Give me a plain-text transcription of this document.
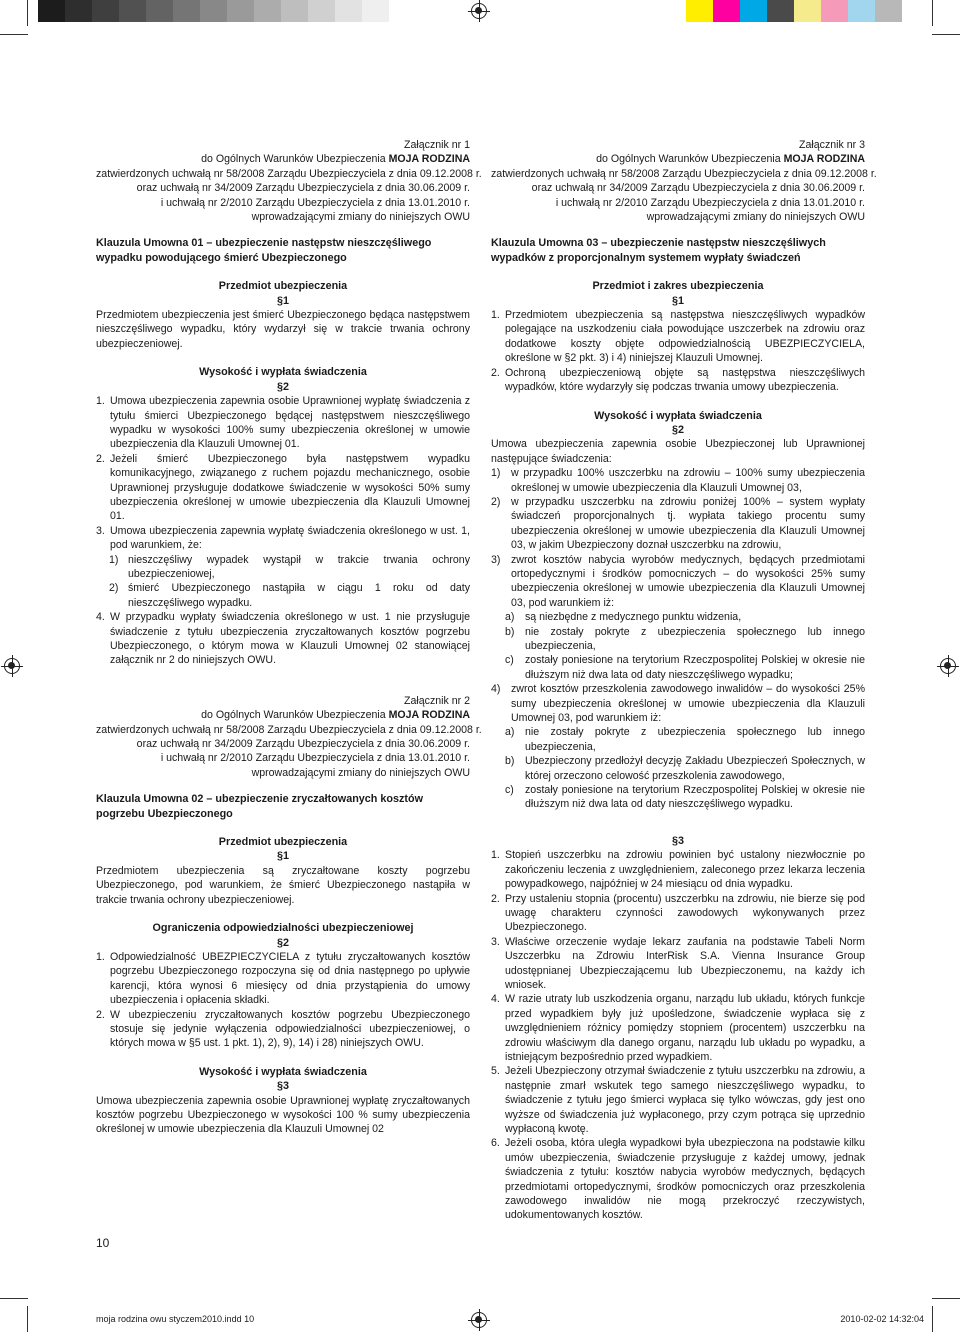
Załącznik nr 1
do Ogólnych Warunków Ubezpieczenia MOJA RODZINA
zatwierdzonych uchwałą nr 58/2008 Zarządu Ubezpieczyciela z dnia 09.12.2008 r.
oraz uchwałą nr 34/2009 Zarządu Ubezpieczyciela z dnia 30.06.2009 r.
i uchwałą nr 2/2010 Zarządu Ubezpieczyciela z dnia 13.01.2010 r.
wprowadzającymi zmiany do niniejszych OWU
Klauzula Umowna 01 – ubezpieczenie następstw nieszczęśliwego wypadku powodującego śmierć Ubezpieczonego
Przedmiot ubezpieczenia
§1
Przedmiotem ubezpieczenia jest śmierć Ubezpieczonego będąca następstwem nieszczęśliwego wypadku, który wydarzył się w trakcie trwania ochrony ubezpieczeniowej.
Wysokość i wypłata świadczenia
§2
1. Umowa ubezpieczenia zapewnia osobie Uprawnionej wypłatę świadczenia z tytułu śmierci Ubezpieczonego będącej następstwem nieszczęśliwego wypadku w wysokości 100% sumy ubezpieczenia określonej w umowie ubezpieczenia dla Klauzuli Umownej 01.
2. Jeżeli śmierć Ubezpieczonego była następstwem wypadku komunikacyjnego, związanego z ruchem pojazdu mechanicznego, osobie Uprawnionej przysługuje dodatkowe świadczenie w wysokości 50% sumy ubezpieczenia określonej w umowie ubezpieczenia dla Klauzuli Umownej 01.
3. Umowa ubezpieczenia zapewnia wypłatę świadczenia określonego w ust. 1, pod warunkiem, że:
1) nieszczęśliwy wypadek wystąpił w trakcie trwania ochrony ubezpieczeniowej,
2) śmierć Ubezpieczonego nastąpiła w ciągu 1 roku od daty nieszczęśliwego wypadku.
4. W przypadku wypłaty świadczenia określonego w ust. 1 nie przysługuje świadczenie z tytułu ubezpieczenia zryczałtowanych kosztów pogrzebu Ubezpieczonego, o którym mowa w Klauzuli Umownej 02 stanowiącej załącznik nr 2 do niniejszych OWU.
Załącznik nr 2
do Ogólnych Warunków Ubezpieczenia MOJA RODZINA
zatwierdzonych uchwałą nr 58/2008 Zarządu Ubezpieczyciela z dnia 09.12.2008 r.
oraz uchwałą nr 34/2009 Zarządu Ubezpieczyciela z dnia 30.06.2009 r.
i uchwałą nr 2/2010 Zarządu Ubezpieczyciela z dnia 13.01.2010 r.
wprowadzającymi zmiany do niniejszych OWU
Klauzula Umowna 02 – ubezpieczenie zryczałtowanych kosztów pogrzebu Ubezpieczonego
Przedmiot ubezpieczenia
§1
Przedmiotem ubezpieczenia są zryczałtowane koszty pogrzebu Ubezpieczonego, pod warunkiem, że śmierć Ubezpieczonego nastąpiła w trakcie trwania ochrony ubezpieczeniowej.
Ograniczenia odpowiedzialności ubezpieczeniowej
§2
1. Odpowiedzialność UBEZPIECZYCIELA z tytułu zryczałtowanych kosztów pogrzebu Ubezpieczonego rozpoczyna się od dnia następnego po upływie karencji, która wynosi 6 miesięcy od dnia przystąpienia do umowy ubezpieczenia i opłacenia składki.
2. W ubezpieczeniu zryczałtowanych kosztów pogrzebu Ubezpieczonego stosuje się jedynie wyłączenia odpowiedzialności ubezpieczeniowej, o których mowa w §5 ust. 1 pkt. 1), 2), 9), 14) i 28) niniejszych OWU.
Wysokość i wypłata świadczenia
§3
Umowa ubezpieczenia zapewnia osobie Uprawnionej wypłatę zryczałtowanych kosztów pogrzebu Ubezpieczonego w wysokości 100 % sumy ubezpieczenia określonej w umowie ubezpieczenia dla Klauzuli Umownej 02
Załącznik nr 3
do Ogólnych Warunków Ubezpieczenia MOJA RODZINA
zatwierdzonych uchwałą nr 58/2008 Zarządu Ubezpieczyciela z dnia 09.12.2008 r.
oraz uchwałą nr 34/2009 Zarządu Ubezpieczyciela z dnia 30.06.2009 r.
i uchwałą nr 2/2010 Zarządu Ubezpieczyciela z dnia 13.01.2010 r.
wprowadzającymi zmiany do niniejszych OWU
Klauzula Umowna 03 – ubezpieczenie następstw nieszczęśliwych wypadków z proporcjonalnym systemem wypłaty świadczeń
Przedmiot i zakres ubezpieczenia
§1
1. Przedmiotem ubezpieczenia są następstwa nieszczęśliwych wypadków polegające na uszkodzeniu ciała powodujące uszczerbek na zdrowiu oraz dodatkowe koszty objęte odpowiedzialnością UBEZPIECZYCIELA, określone w §2 pkt. 3) i 4) niniejszej Klauzuli Umownej.
2. Ochroną ubezpieczeniową objęte są następstwa nieszczęśliwych wypadków, które wydarzyły się podczas trwania umowy ubezpieczenia.
Wysokość i wypłata świadczenia
§2
Umowa ubezpieczenia zapewnia osobie Ubezpieczonej lub Uprawnionej następujące świadczenia:
1) w przypadku 100% uszczerbku na zdrowiu – 100% sumy ubezpieczenia określonej w umowie ubezpieczenia dla Klauzuli Umownej 03,
2) w przypadku uszczerbku na zdrowiu poniżej 100% – system wypłaty świadczeń proporcjonalnych tj. wypłata takiego procentu sumy ubezpieczenia określonej w umowie ubezpieczenia dla Klauzuli Umownej 03, w jakim Ubezpieczony doznał uszczerbku na zdrowiu,
3) zwrot kosztów nabycia wyrobów medycznych, będących przedmiotami ortopedycznymi i środków pomocniczych – do wysokości 25% sumy ubezpieczenia określonej w umowie ubezpieczenia dla Klauzuli Umownej 03, pod warunkiem iż:
a) są niezbędne z medycznego punktu widzenia,
b) nie zostały pokryte z ubezpieczenia społecznego lub innego ubezpieczenia,
c)	zostały poniesione na terytorium Rzeczpospolitej Polskiej w okresie nie dłuższym niż dwa lata od daty nieszczęśliwego wypadku;
4) zwrot kosztów przeszkolenia zawodowego inwalidów – do wysokości 25% sumy ubezpieczenia określonej w umowie ubezpieczenia dla Klauzuli Umownej 03, pod warunkiem iż:
a) nie zostały pokryte z ubezpieczenia społecznego lub innego ubezpieczenia,
b) Ubezpieczony przedłożył decyzję Zakładu Ubezpieczeń Społecznych, w której orzeczono celowość przeszkolenia zawodowego,
c)	zostały poniesione na terytorium Rzeczpospolitej Polskiej w okresie nie dłuższym niż dwa lata od daty nieszczęśliwego wypadku.
§3
1. Stopień uszczerbku na zdrowiu powinien być ustalony niezwłocznie po zakończeniu leczenia z uwzględnieniem, zaleconego przez lekarza leczenia powypadkowego, najpóźniej w 24 miesiącu od dnia wypadku.
2. Przy ustaleniu stopnia (procentu) uszczerbku na zdrowiu, nie bierze się pod uwagę charakteru czynności zawodowych wykonywanych przez Ubezpieczonego.
3. Właściwe orzeczenie wydaje lekarz zaufania na podstawie Tabeli Norm Uszczerbku na Zdrowiu InterRisk S.A. Vienna Insurance Group udostępnianej Ubezpieczającemu lub Ubezpieczonemu, na każdy ich wniosek.
4. W razie utraty lub uszkodzenia organu, narządu lub układu, których funkcje przed wypadkiem były już upośledzone, świadczenie wypłaca się z uwzględnieniem różnicy pomiędzy stopniem (procentem) uszczerbku na zdrowiu właściwym dla danego organu, narządu lub układu po wypadku, a istniejącym bezpośrednio przed wypadkiem.
5. Jeżeli Ubezpieczony otrzymał świadczenie z tytułu uszczerbku na zdrowiu, a następnie zmarł wskutek tego samego nieszczęśliwego wypadku, to świadczenie z tytułu jego śmierci wypłaca się tylko wówczas, gdy jest ono wyższe od świadczenia już wypłaconego, przy czym potrąca się uprzednio wypłaconą kwotę.
6. Jeżeli osoba, która uległa wypadkowi była ubezpieczona na podstawie kilku umów ubezpieczenia, świadczenie przysługuje z każdej umowy, jednak świadczenia z tytułu: kosztów nabycia wyrobów medycznych, będących przedmiotami ortopedycznymi, środków pomocniczych oraz przeszkolenia zawodowego inwalidów nie mogą przekroczyć rzeczywistych, udokumentowanych kosztów.
10
moja rodzina owu styczem2010.indd 10	2010-02-02 14:32:04
